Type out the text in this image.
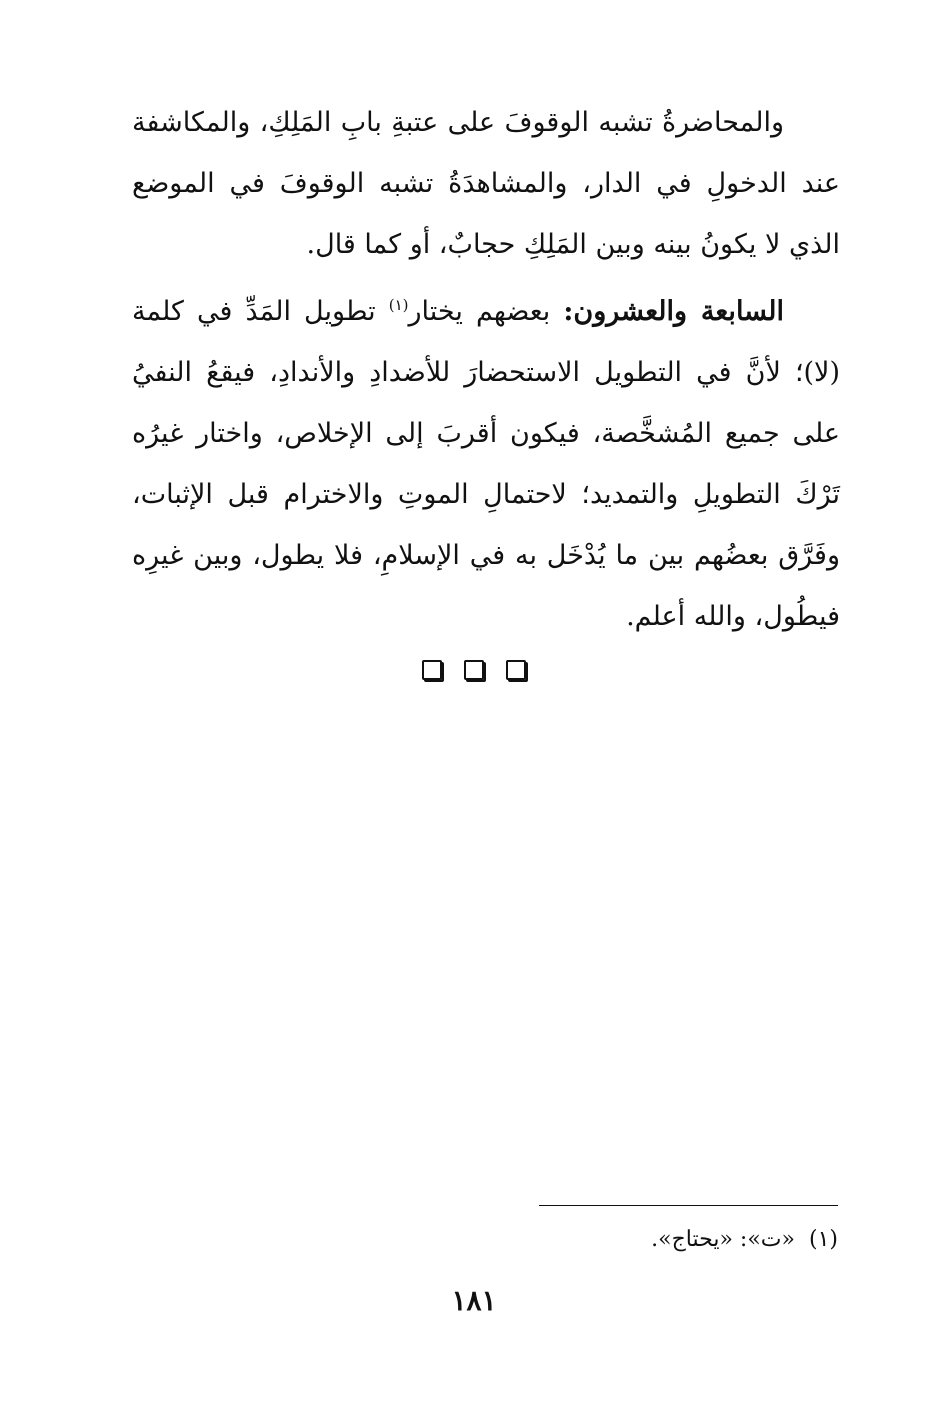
والمحاضرةُ تشبه الوقوفَ على عتبةِ بابِ المَلِكِ، والمكاشفة عند الدخولِ في الدار، والمشاهدَةُ تشبه الوقوفَ في الموضع الذي لا يكونُ بينه وبين المَلِكِ حجابٌ، أو كما قال.

السابعة والعشرون: بعضهم يختار$^{(١)}$ تطويل المَدِّ في كلمة (لا)؛ لأنَّ في التطويل الاستحضارَ للأضدادِ والأندادِ، فيقعُ النفيُ على جميع المُشخَّصة، فيكون أقربَ إلى الإخلاص، واختار غيرُه تَرْكَ التطويلِ والتمديد؛ لاحتمالِ الموتِ والاخترام قبل الإثبات، وفَرَّق بعضُهم بين ما يُدْخَل به في الإسلامِ، فلا يطول، وبين غيرِه فيطُول، والله أعلم.

(١)«ت»: «يحتاج».
١٨١
